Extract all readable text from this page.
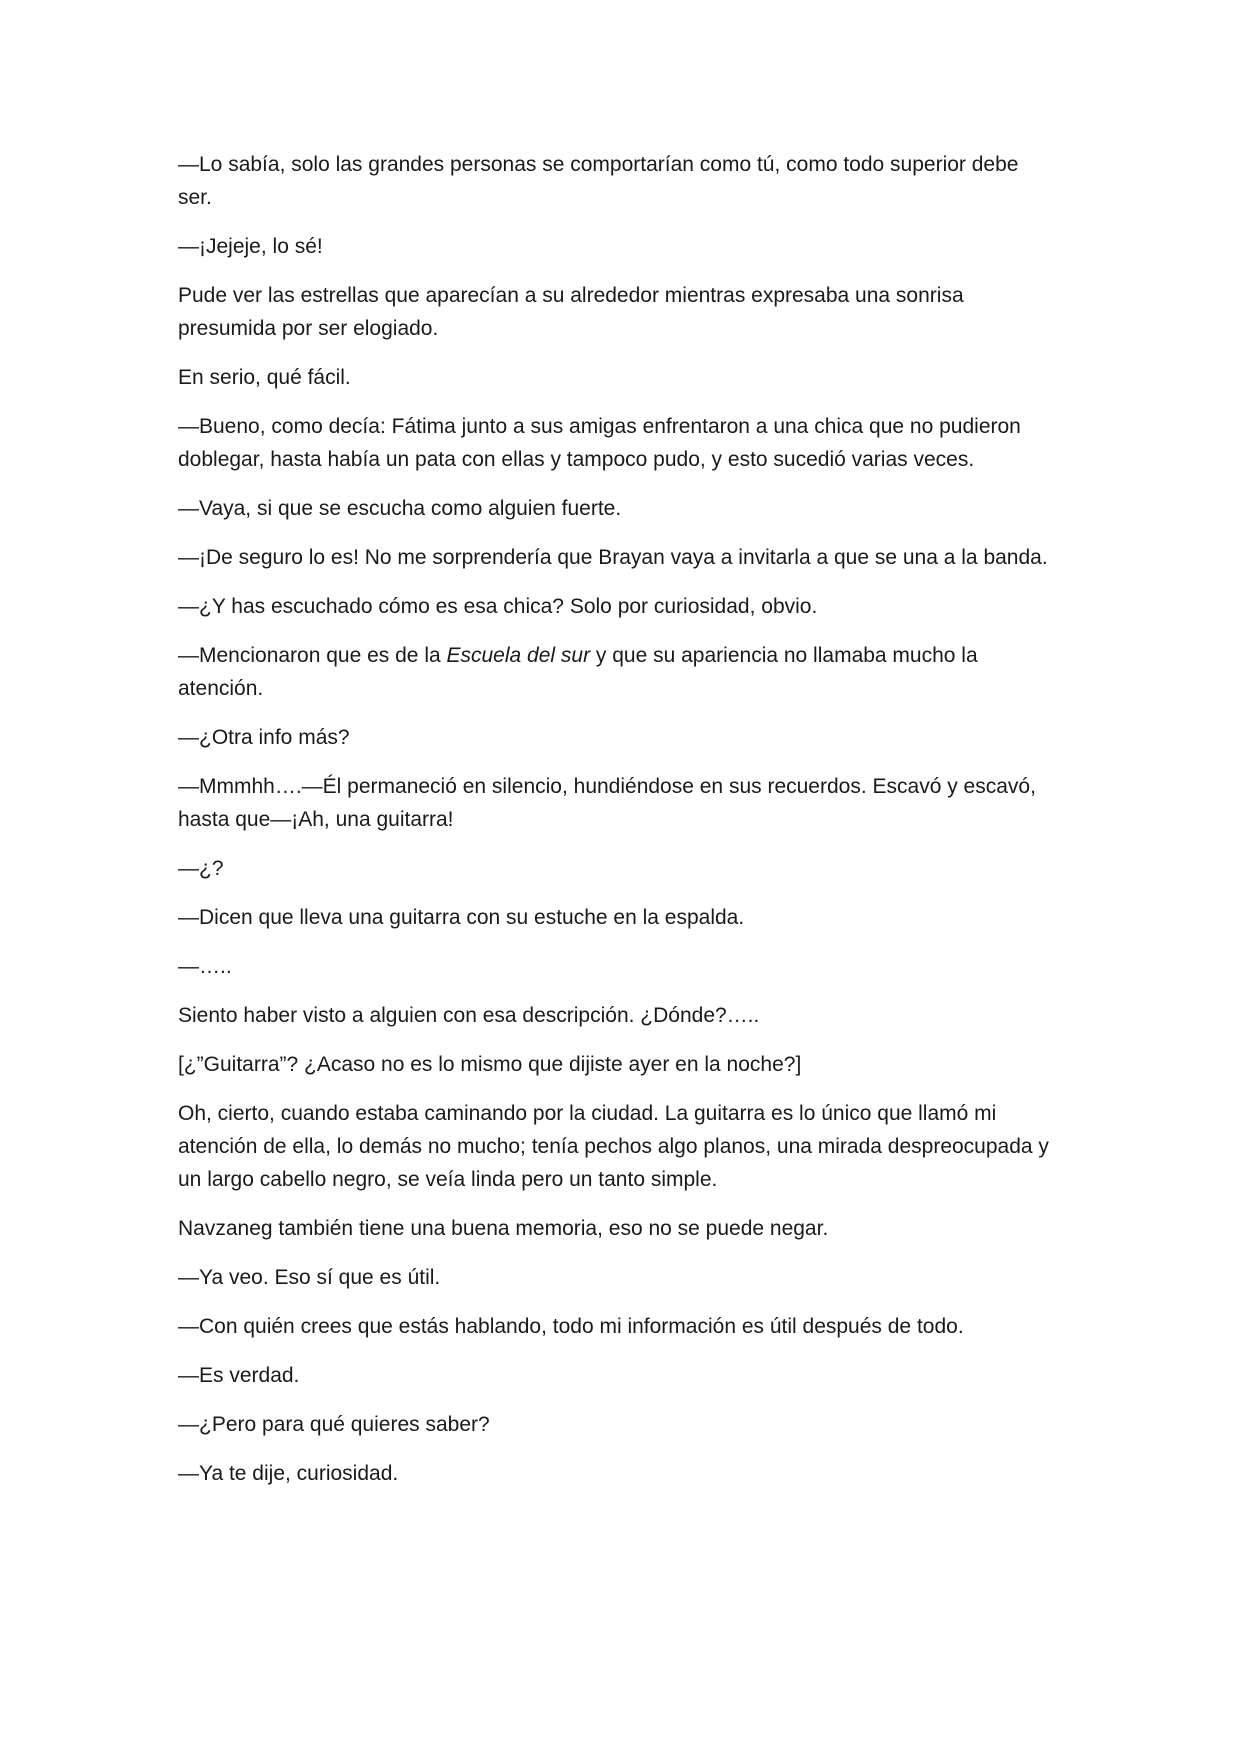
—Lo sabía, solo las grandes personas se comportarían como tú, como todo superior debe ser.

—¡Jejeje, lo sé!

Pude ver las estrellas que aparecían a su alrededor mientras expresaba una sonrisa presumida por ser elogiado.

En serio, qué fácil.

—Bueno, como decía: Fátima junto a sus amigas enfrentaron a una chica que no pudieron doblegar, hasta había un pata con ellas y tampoco pudo, y esto sucedió varias veces.

—Vaya, si que se escucha como alguien fuerte.

—¡De seguro lo es! No me sorprendería que Brayan vaya a invitarla a que se una a la banda.

—¿Y has escuchado cómo es esa chica? Solo por curiosidad, obvio.

—Mencionaron que es de la Escuela del sur y que su apariencia no llamaba mucho la atención.

—¿Otra info más?

—Mmmhh….—Él permaneció en silencio, hundiéndose en sus recuerdos. Escavó y escavó, hasta que—¡Ah, una guitarra!

—¿?

—Dicen que lleva una guitarra con su estuche en la espalda.

—…..

Siento haber visto a alguien con esa descripción. ¿Dónde?…..

[¿”Guitarra”? ¿Acaso no es lo mismo que dijiste ayer en la noche?]

Oh, cierto, cuando estaba caminando por la ciudad. La guitarra es lo único que llamó mi atención de ella, lo demás no mucho; tenía pechos algo planos, una mirada despreocupada y un largo cabello negro, se veía linda pero un tanto simple.

Navzaneg también tiene una buena memoria, eso no se puede negar.

—Ya veo. Eso sí que es útil.

—Con quién crees que estás hablando, todo mi información es útil después de todo.

—Es verdad.

—¿Pero para qué quieres saber?

—Ya te dije, curiosidad.
